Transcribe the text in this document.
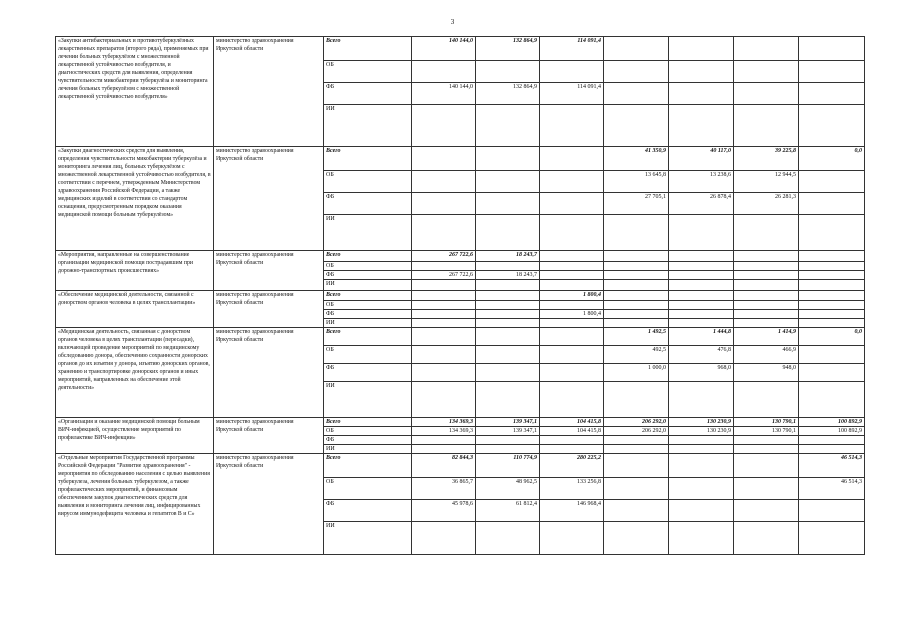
3
«Закупки антибактериальных и противотуберкулёзных лекарственных препаратов (второго ряда), применяемых при лечении больных туберкулёзом с множественной лекарственной устойчивостью возбудителя, и диагностических средств для выявления, определения чувствительности микобактерии туберкулёза и мониторинга лечения больных туберкулёзом с множественной лекарственной устойчивостью возбудителя»	министерство здравоохранения Иркутской области	Всего	140 144,0	132 864,9	114 091,4				
		ОБ							
		ФБ	140 144,0	132 864,9	114 091,4				
		ИИ							
«Закупки диагностических средств для выявления, определения чувствительности микобактерии туберкулёза и мониторинга лечения лиц, больных туберкулёзом с множественной лекарственной устойчивостью возбудителя, в соответствии с перечнем, утвержденным Министерством здравоохранения Российской Федерации, а также медицинских изделий в соответствии со стандартом оснащения, предусмотренным порядком оказания медицинской помощи больным туберкулёзом»	министерство здравоохранения Иркутской области	Всего				41 350,9	40 117,0	39 225,8	0,0
		ОБ				13 645,8	13 238,6	12 944,5	
		ФБ				27 705,1	26 878,4	26 281,3	
		ИИ							
«Мероприятия, направленные на совершенствование организации медицинской помощи пострадавшим при дорожно-транспортных происшествиях»	министерство здравоохранения Иркутской области	Всего	267 722,6	18 243,7					
		ОБ							
		ФБ	267 722,6	18 243,7					
		ИИ							
«Обеспечение медицинской деятельности, связанной с донорством органов человека в целях трансплантации»	министерство здравоохранения Иркутской области	Всего			1 800,4				
		ОБ							
		ФБ			1 800,4				
		ИИ							
«Медицинская деятельность, связанная с донорством органов человека в целях трансплантации (пересадки), включающей проведение мероприятий по медицинскому обследованию донора, обеспечению сохранности донорских органов до их изъятия у донора, изъятию донорских органов, хранению и транспортировке донорских органов и иных мероприятий, направленных на обеспечение этой деятельности»	министерство здравоохранения Иркутской области	Всего				1 492,5	1 444,8	1 414,9	0,0
		ОБ				492,5	476,8	466,9	
		ФБ				1 000,0	968,0	948,0	
		ИИ							
«Организация и оказание медицинской помощи больным ВИЧ-инфекцией, осуществление мероприятий по профилактике ВИЧ-инфекции»	министерство здравоохранения Иркутской области	Всего	134 369,3	139 347,1	104 415,8	206 292,0	130 230,9	130 790,1	100 892,9
		ОБ	134 369,3	139 347,1	104 415,8	206 292,0	130 230,9	130 790,1	100 892,9
		ФБ							
		ИИ							
«Отдельные мероприятия Государственной программы Российской Федерации "Развитие здравоохранения" - мероприятия по обследованию населения с целью выявления туберкулеза, лечения больных туберкулезом, а также профилактических мероприятий, и финансовым обеспечением закупок диагностических средств для выявления и мониторинга лечения лиц, инфицированных вирусом иммунодефицита человека и гепатитов В и С»	министерство здравоохранения Иркутской области	Всего	82 844,3	110 774,9	280 225,2				46 514,3
		ОБ	36 865,7	48 962,5	133 256,8				46 514,3
		ФБ	45 978,6	61 812,4	146 968,4				
		ИИ							
